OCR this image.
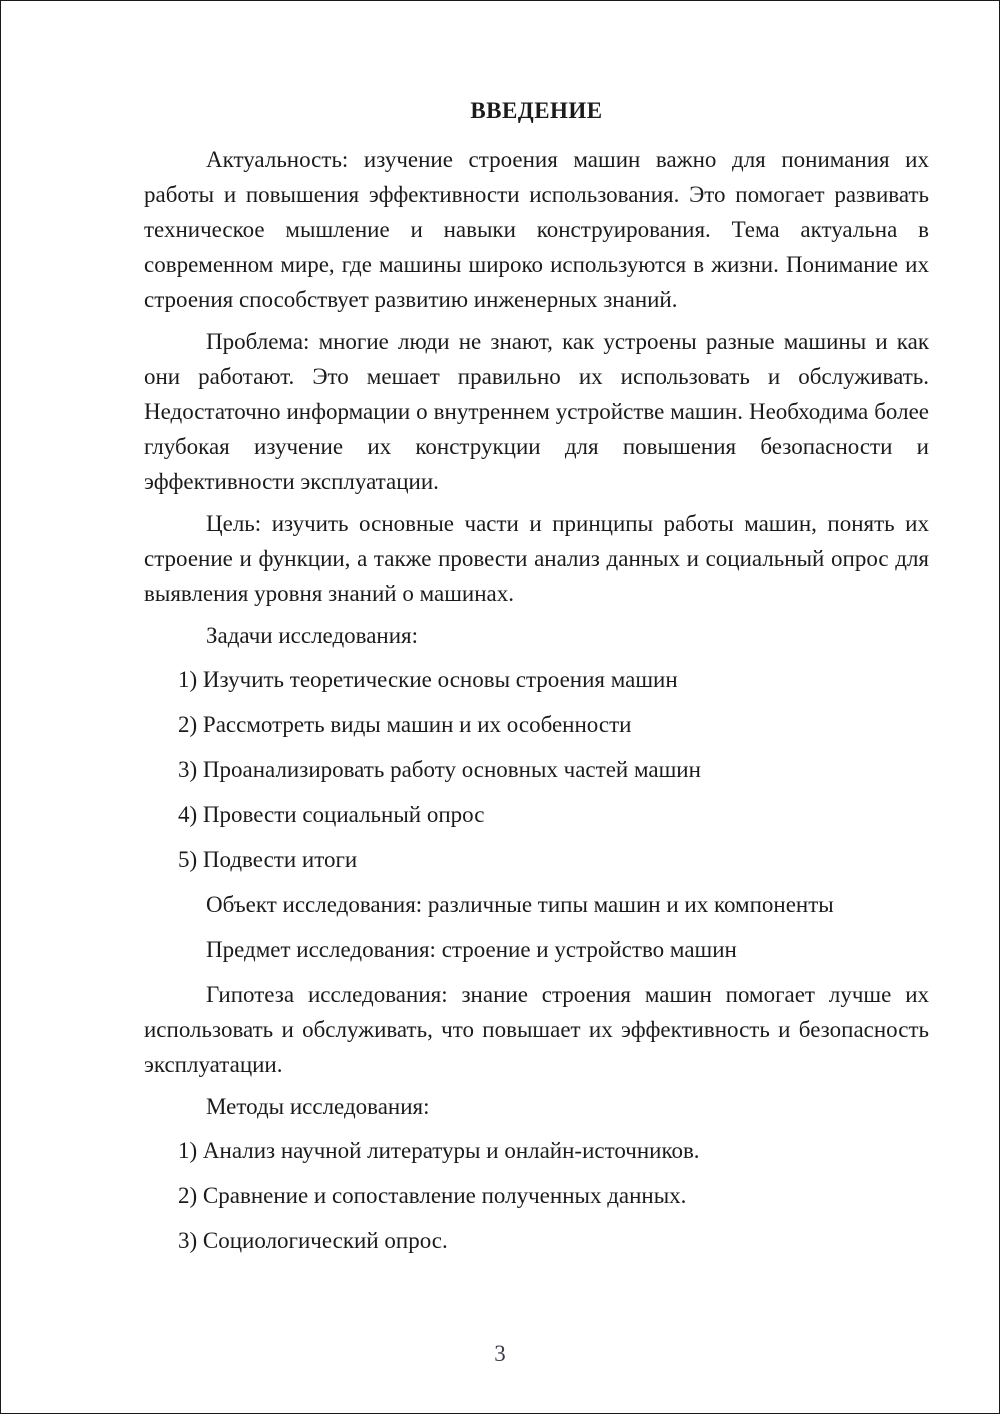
ВВЕДЕНИЕ

Актуальность: изучение строения машин важно для понимания их работы и повышения эффективности использования. Это помогает развивать техническое мышление и навыки конструирования. Тема актуальна в современном мире, где машины широко используются в жизни. Понимание их строения способствует развитию инженерных знаний.

Проблема: многие люди не знают, как устроены разные машины и как они работают. Это мешает правильно их использовать и обслуживать. Недостаточно информации о внутреннем устройстве машин. Необходима более глубокая изучение их конструкции для повышения безопасности и эффективности эксплуатации.

Цель: изучить основные части и принципы работы машин, понять их строение и функции, а также провести анализ данных и социальный опрос для выявления уровня знаний о машинах.

Задачи исследования:

1) Изучить теоретические основы строения машин

2) Рассмотреть виды машин и их особенности

3) Проанализировать работу основных частей машин

4) Провести социальный опрос

5) Подвести итоги

Объект исследования: различные типы машин и их компоненты

Предмет исследования: строение и устройство машин

Гипотеза исследования: знание строения машин помогает лучше их использовать и обслуживать, что повышает их эффективность и безопасность эксплуатации.

Методы исследования:

1) Анализ научной литературы и онлайн-источников.

2) Сравнение и сопоставление полученных данных.

3) Социологический опрос.

3
